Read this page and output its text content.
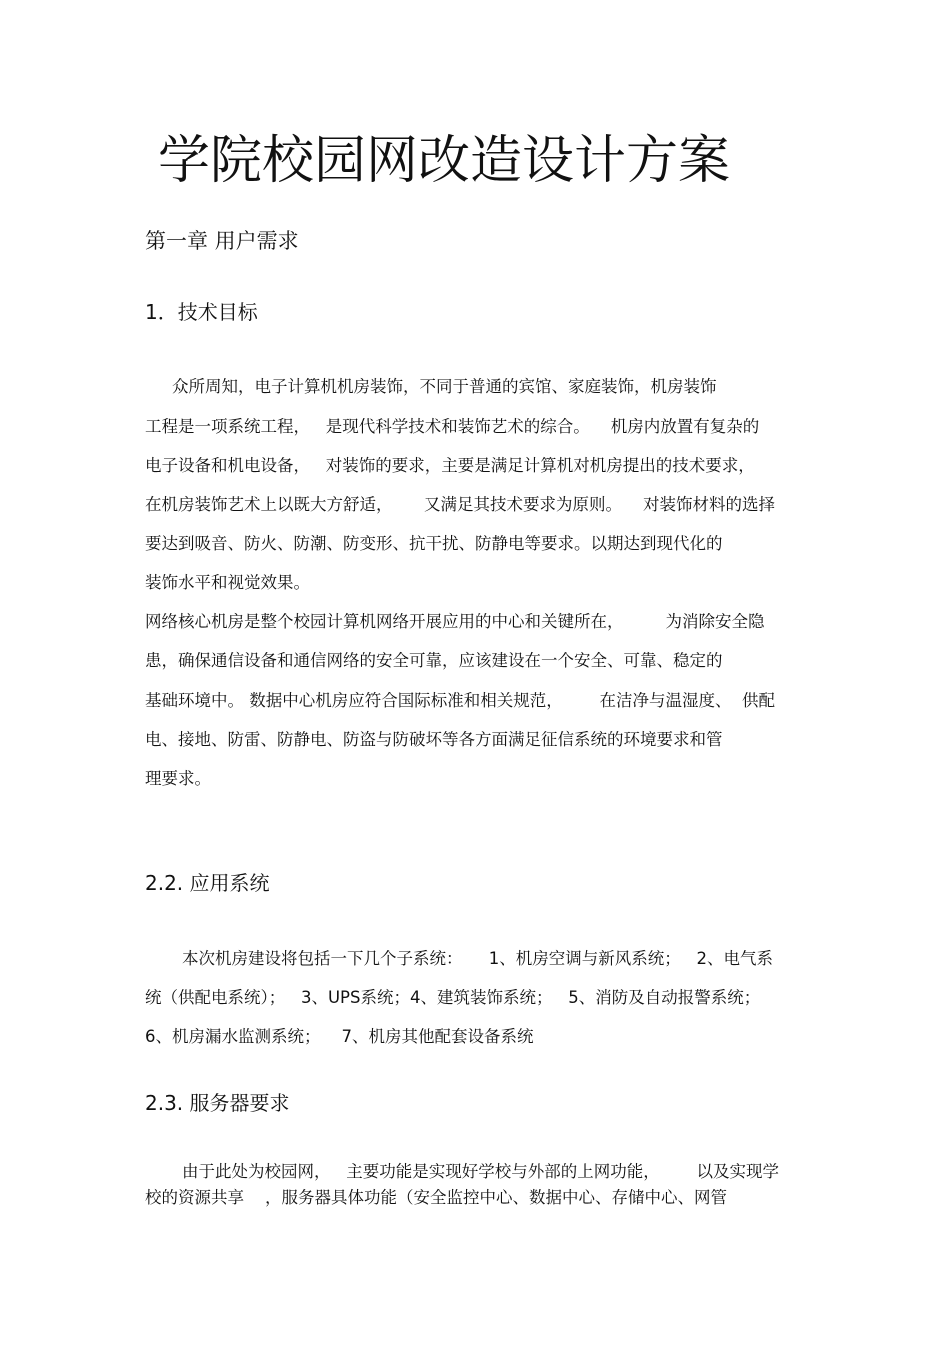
学院校园网改造设计方案
第一章 用户需求
1．技术目标
众所周知，电子计算机机房装饰，不同于普通的宾馆、家庭装饰，机房装饰
工程是一项系统工程，   是现代科学技术和装饰艺术的综合。    机房内放置有复杂的
电子设备和机电设备，   对装饰的要求，主要是满足计算机对机房提出的技术要求，
在机房装饰艺术上以既大方舒适，      又满足其技术要求为原则。    对装饰材料的选择
要达到吸音、防火、防潮、防变形、抗干扰、防静电等要求。以期达到现代化的
装饰水平和视觉效果。
网络核心机房是整个校园计算机网络开展应用的中心和关键所在，        为消除安全隐
患，确保通信设备和通信网络的安全可靠，应该建设在一个安全、可靠、稳定的
基础环境中。 数据中心机房应符合国际标准和相关规范，       在洁净与温湿度、  供配
电、接地、防雷、防静电、防盗与防破坏等各方面满足征信系统的环境要求和管
理要求。
2.2. 应用系统
本次机房建设将包括一下几个子系统：     1、机房空调与新风系统；   2、电气系
统（供配电系统）；   3、UPS系统；4、建筑装饰系统；   5、消防及自动报警系统；
6、机房漏水监测系统；    7、机房其他配套设备系统
2.3. 服务器要求
由于此处为校园网，   主要功能是实现好学校与外部的上网功能，       以及实现学
校的资源共享    ，服务器具体功能（安全监控中心、数据中心、存储中心、网管
